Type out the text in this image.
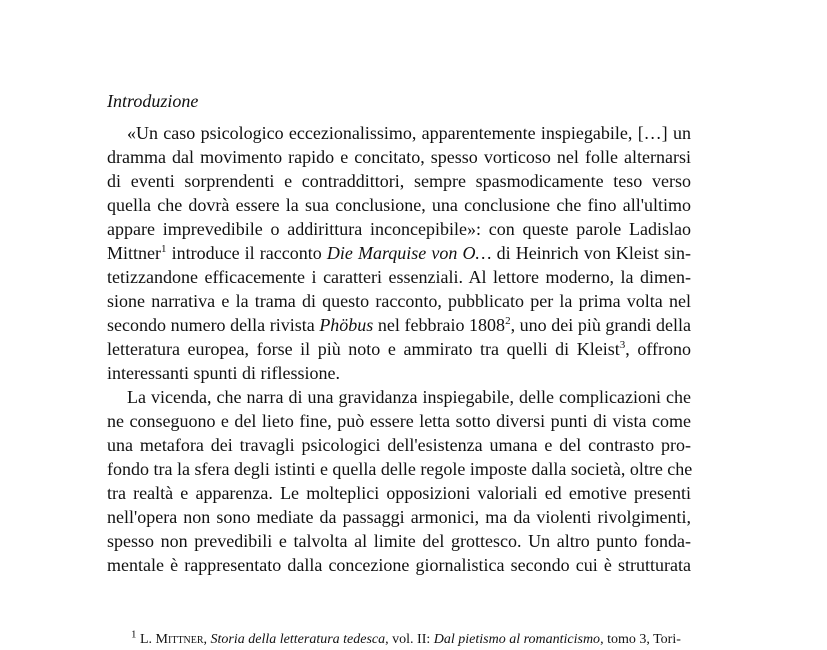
Introduzione
«Un caso psicologico eccezionalissimo, apparentemente inspiegabile, […] un
dramma dal movimento rapido e concitato, spesso vorticoso nel folle alternarsi
di eventi sorprendenti e contraddittori, sempre spasmodicamente teso verso
quella che dovrà essere la sua conclusione, una conclusione che fino all'ultimo
appare imprevedibile o addirittura inconcepibile»: con queste parole Ladislao
Mittner$^1$ introduce il racconto Die Marquise von O… di Heinrich von Kleist sin-
tetizzandone efficacemente i caratteri essenziali. Al lettore moderno, la dimen-
sione narrativa e la trama di questo racconto, pubblicato per la prima volta nel
secondo numero della rivista Phöbus nel febbraio 1808$^2$, uno dei più grandi della
letteratura europea, forse il più noto e ammirato tra quelli di Kleist$^3$, offrono
interessanti spunti di riflessione.
La vicenda, che narra di una gravidanza inspiegabile, delle complicazioni che
ne conseguono e del lieto fine, può essere letta sotto diversi punti di vista come
una metafora dei travagli psicologici dell'esistenza umana e del contrasto pro-
fondo tra la sfera degli istinti e quella delle regole imposte dalla società, oltre che
tra realtà e apparenza. Le molteplici opposizioni valoriali ed emotive presenti
nell'opera non sono mediate da passaggi armonici, ma da violenti rivolgimenti,
spesso non prevedibili e talvolta al limite del grottesco. Un altro punto fonda-
mentale è rappresentato dalla concezione giornalistica secondo cui è strutturata
$^1$ L. Mittner, Storia della letteratura tedesca, vol. II: Dal pietismo al romanticismo, tomo 3, Tori-
